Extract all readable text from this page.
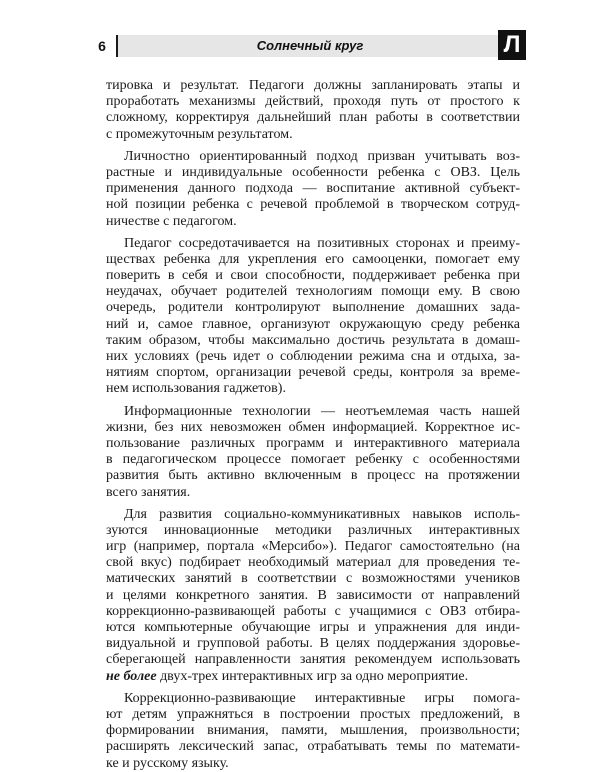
6	Солнечный круг	Л
тировка и результат. Педагоги должны запланировать этапы и
проработать механизмы действий, проходя путь от простого к
сложному, корректируя дальнейший план работы в соответствии
с промежуточным результатом.
Личностно ориентированный подход призван учитывать воз-
растные и индивидуальные особенности ребенка с ОВЗ. Цель
применения данного подхода — воспитание активной субъект-
ной позиции ребенка с речевой проблемой в творческом сотруд-
ничестве с педагогом.
Педагог сосредотачивается на позитивных сторонах и преиму-
ществах ребенка для укрепления его самооценки, помогает ему
поверить в себя и свои способности, поддерживает ребенка при
неудачах, обучает родителей технологиям помощи ему. В свою
очередь, родители контролируют выполнение домашних зада-
ний и, самое главное, организуют окружающую среду ребенка
таким образом, чтобы максимально достичь результата в домаш-
них условиях (речь идет о соблюдении режима сна и отдыха, за-
нятиям спортом, организации речевой среды, контроля за време-
нем использования гаджетов).
Информационные технологии — неотъемлемая часть нашей
жизни, без них невозможен обмен информацией. Корректное ис-
пользование различных программ и интерактивного материала
в педагогическом процессе помогает ребенку с особенностями
развития быть активно включенным в процесс на протяжении
всего занятия.
Для развития социально-коммуникативных навыков исполь-
зуются инновационные методики различных интерактивных
игр (например, портала «Мерсибо»). Педагог самостоятельно (на
свой вкус) подбирает необходимый материал для проведения те-
матических занятий в соответствии с возможностями учеников
и целями конкретного занятия. В зависимости от направлений
коррекционно-развивающей работы с учащимися с ОВЗ отбира-
ются компьютерные обучающие игры и упражнения для инди-
видуальной и групповой работы. В целях поддержания здоровье-
сберегающей направленности занятия рекомендуем использовать
не более двух-трех интерактивных игр за одно мероприятие.
Коррекционно-развивающие интерактивные игры помога-
ют детям упражняться в построении простых предложений, в
формировании внимания, памяти, мышления, произвольности;
расширять лексический запас, отрабатывать темы по математи-
ке и русскому языку.
